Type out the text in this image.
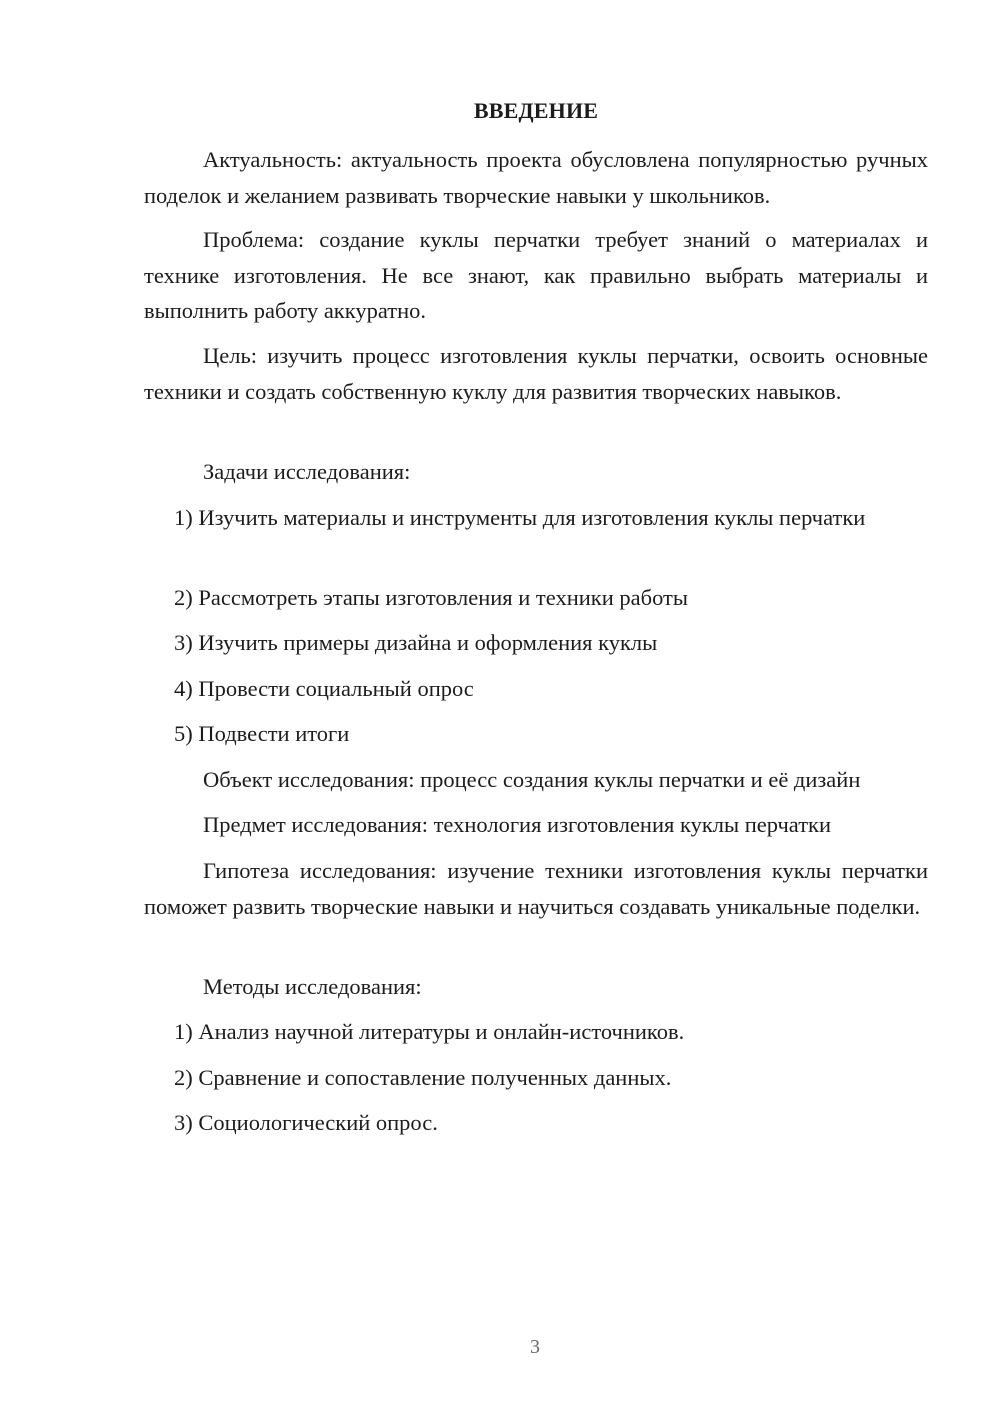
ВВЕДЕНИЕ

Актуальность: актуальность проекта обусловлена популярностью ручных поделок и желанием развивать творческие навыки у школьников.

Проблема: создание куклы перчатки требует знаний о материалах и технике изготовления. Не все знают, как правильно выбрать материалы и выполнить работу аккуратно.

Цель: изучить процесс изготовления куклы перчатки, освоить основные техники и создать собственную куклу для развития творческих навыков.

Задачи исследования:

1) Изучить материалы и инструменты для изготовления куклы перчатки

2) Рассмотреть этапы изготовления и техники работы

3) Изучить примеры дизайна и оформления куклы

4) Провести социальный опрос

5) Подвести итоги

Объект исследования: процесс создания куклы перчатки и её дизайн

Предмет исследования: технология изготовления куклы перчатки

Гипотеза исследования: изучение техники изготовления куклы перчатки поможет развить творческие навыки и научиться создавать уникальные поделки.

Методы исследования:

1) Анализ научной литературы и онлайн-источников.

2) Сравнение и сопоставление полученных данных.

3) Социологический опрос.

3
